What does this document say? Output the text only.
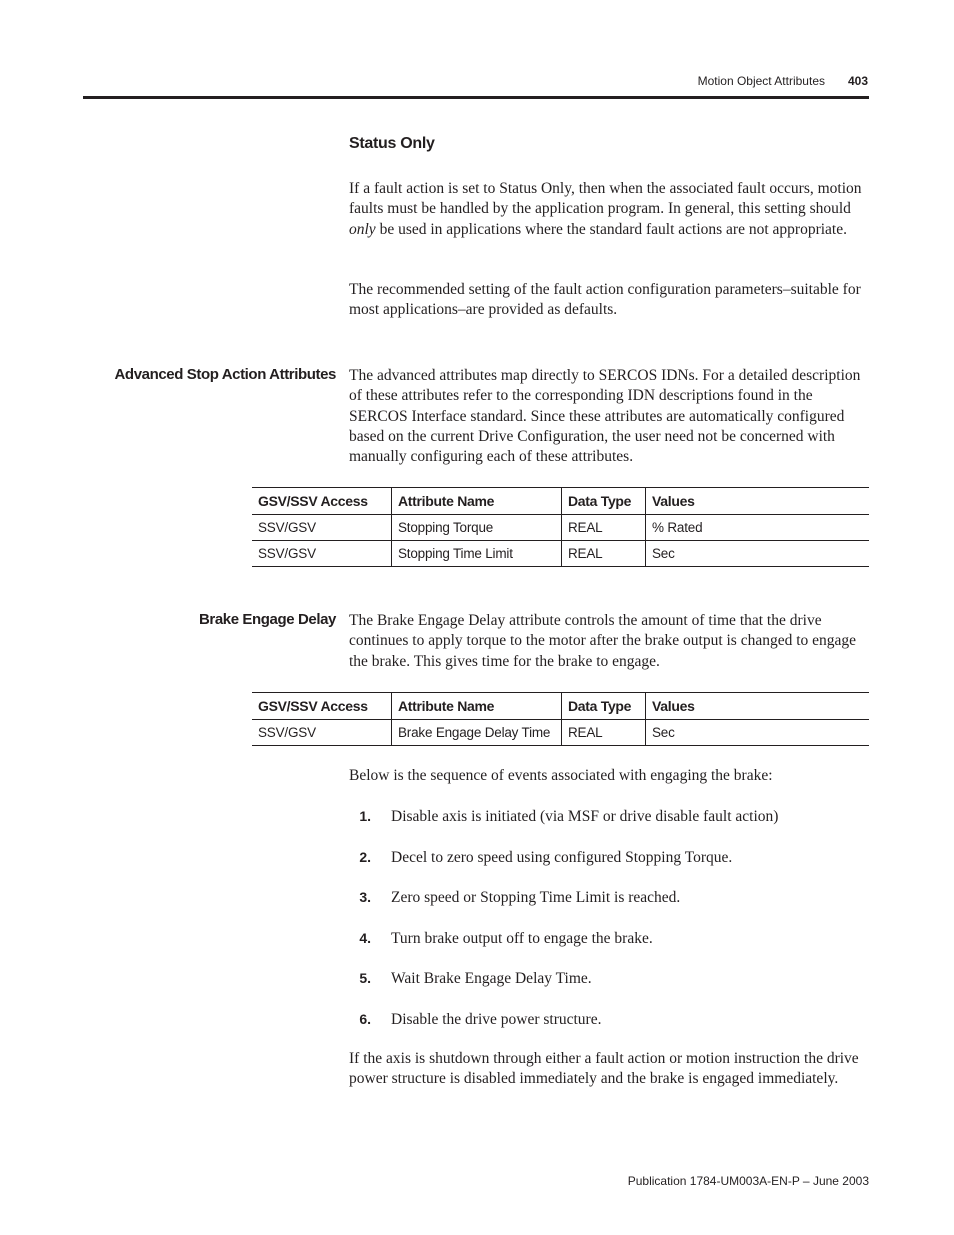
Motion Object Attributes	403
Status Only

If a fault action is set to Status Only, then when the associated fault occurs, motion faults must be handled by the application program. In general, this setting should only be used in applications where the standard fault actions are not appropriate.

The recommended setting of the fault action configuration parameters–suitable for most applications–are provided as defaults.

Advanced Stop Action Attributes The advanced attributes map directly to SERCOS IDNs. For a detailed description of these attributes refer to the corresponding IDN descriptions found in the SERCOS Interface standard. Since these attributes are automatically configured based on the current Drive Configuration, the user need not be concerned with manually configuring each of these attributes.

GSV/SSV Access	Attribute Name	Data Type	Values
SSV/GSV	Stopping Torque	REAL	% Rated
SSV/GSV	Stopping Time Limit	REAL	Sec
Brake Engage Delay The Brake Engage Delay attribute controls the amount of time that the drive continues to apply torque to the motor after the brake output is changed to engage the brake. This gives time for the brake to engage.

GSV/SSV Access	Attribute Name	Data Type	Values
SSV/GSV	Brake Engage Delay Time	REAL	Sec

Below is the sequence of events associated with engaging the brake:

1. Disable axis is initiated (via MSF or drive disable fault action)
2. Decel to zero speed using configured Stopping Torque.
3. Zero speed or Stopping Time Limit is reached.
4. Turn brake output off to engage the brake.
5. Wait Brake Engage Delay Time.
6. Disable the drive power structure.

If the axis is shutdown through either a fault action or motion instruction the drive power structure is disabled immediately and the brake is engaged immediately.

Publication 1784-UM003A-EN-P – June 2003
